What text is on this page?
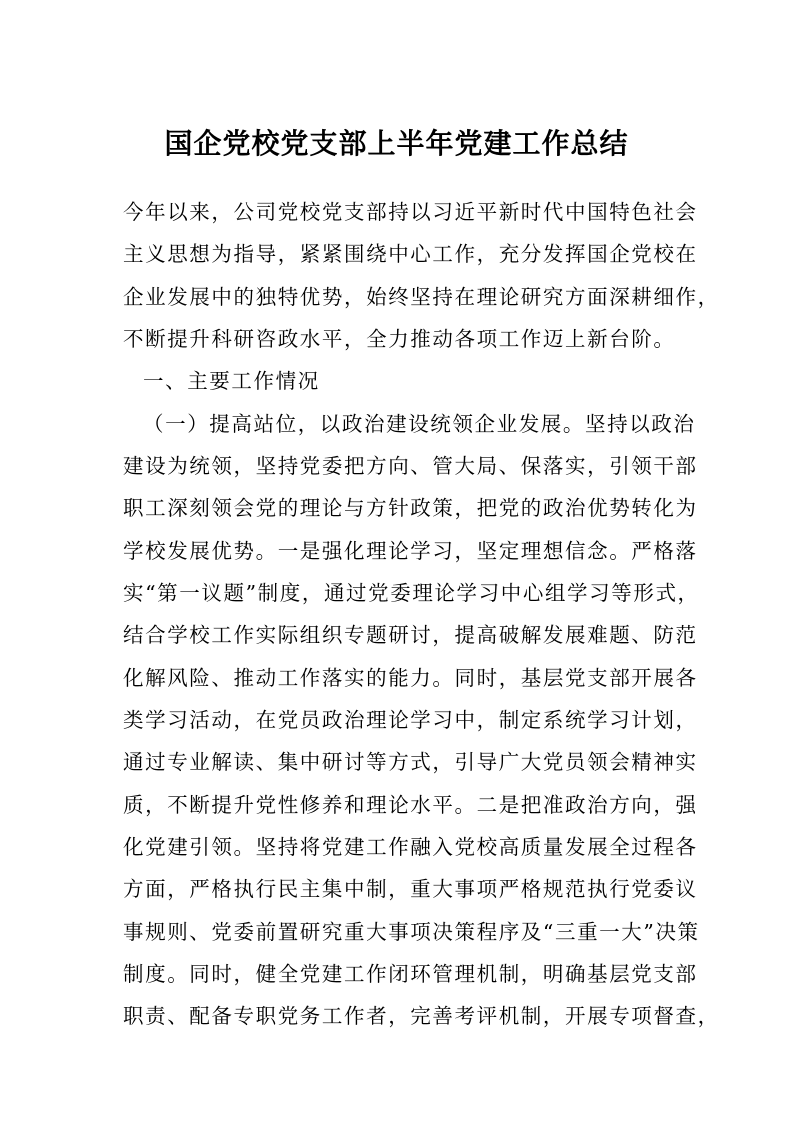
国企党校党支部上半年党建工作总结

今年以来，公司党校党支部持以习近平新时代中国特色社会

主义思想为指导，紧紧围绕中心工作，充分发挥国企党校在

企业发展中的独特优势，始终坚持在理论研究方面深耕细作，

不断提升科研咨政水平，全力推动各项工作迈上新台阶。

一、主要工作情况

（一）提高站位，以政治建设统领企业发展。坚持以政治

建设为统领，坚持党委把方向、管大局、保落实，引领干部

职工深刻领会党的理论与方针政策，把党的政治优势转化为

学校发展优势。一是强化理论学习，坚定理想信念。严格落

实“第一议题”制度，通过党委理论学习中心组学习等形式，

结合学校工作实际组织专题研讨，提高破解发展难题、防范

化解风险、推动工作落实的能力。同时，基层党支部开展各

类学习活动，在党员政治理论学习中，制定系统学习计划，

通过专业解读、集中研讨等方式，引导广大党员领会精神实

质，不断提升党性修养和理论水平。二是把准政治方向，强

化党建引领。坚持将党建工作融入党校高质量发展全过程各

方面，严格执行民主集中制，重大事项严格规范执行党委议

事规则、党委前置研究重大事项决策程序及“三重一大”决策

制度。同时，健全党建工作闭环管理机制，明确基层党支部

职责、配备专职党务工作者，完善考评机制，开展专项督查，
